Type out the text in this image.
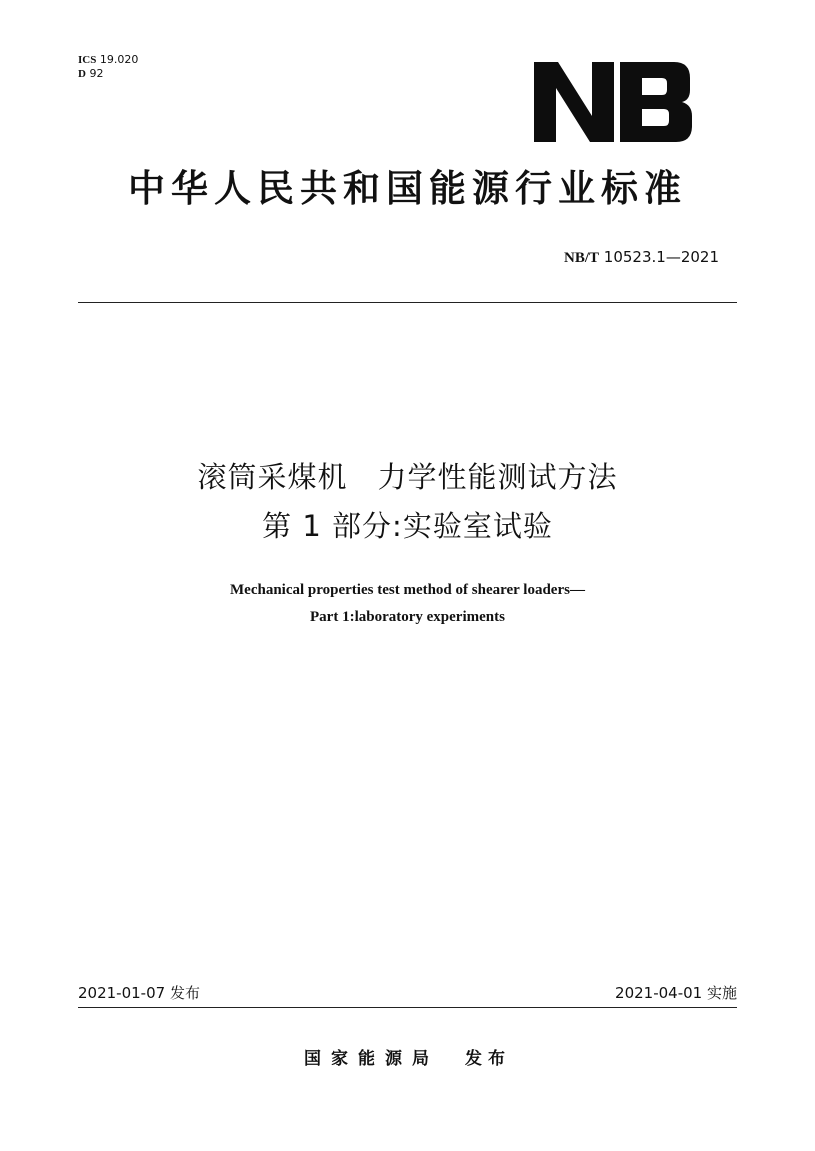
ICS 19.020
D 92
中华人民共和国能源行业标准
NB/T 10523.1—2021
滚筒采煤机　力学性能测试方法
第 1 部分:实验室试验
Mechanical properties test method of shearer loaders—
Part 1:laboratory experiments
2021-01-07 发布	2021-04-01 实施
国家能源局 发布
